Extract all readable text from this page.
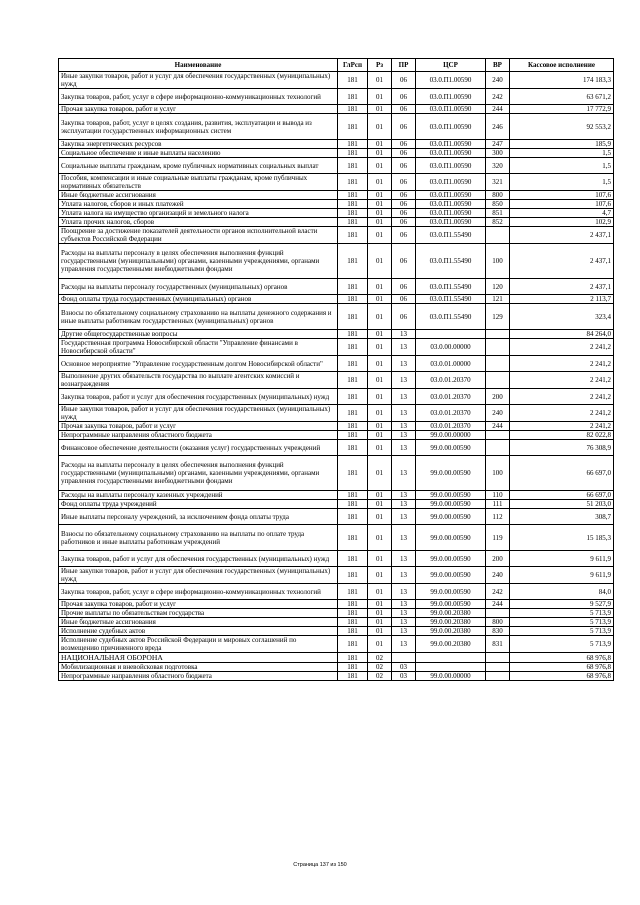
Наименование	ГлРсп	Рз	ПР	ЦСР	ВР	Кассовое исполнение
Иные закупки товаров, работ и услуг для обеспечения государственных (муниципальных) нужд	181	01	06	03.0.П1.00590	240	174 183,3
Закупка товаров, работ, услуг в сфере информационно-коммуникационных технологий	181	01	06	03.0.П1.00590	242	63 671,2
Прочая закупка товаров, работ и услуг	181	01	06	03.0.П1.00590	244	17 772,9
Закупка товаров, работ, услуг в целях создания, развития, эксплуатации и вывода из эксплуатации государственных информационных систем	181	01	06	03.0.П1.00590	246	92 553,2
Закупка энергетических ресурсов	181	01	06	03.0.П1.00590	247	185,9
Социальное обеспечение и иные выплаты населению	181	01	06	03.0.П1.00590	300	1,5
Социальные выплаты гражданам, кроме публичных нормативных социальных выплат	181	01	06	03.0.П1.00590	320	1,5
Пособия, компенсации и иные социальные выплаты гражданам, кроме публичных нормативных обязательств	181	01	06	03.0.П1.00590	321	1,5
Иные бюджетные ассигнования	181	01	06	03.0.П1.00590	800	107,6
Уплата налогов, сборов и иных платежей	181	01	06	03.0.П1.00590	850	107,6
Уплата налога на имущество организаций и земельного налога	181	01	06	03.0.П1.00590	851	4,7
Уплата прочих налогов, сборов	181	01	06	03.0.П1.00590	852	102,9
Поощрение за достижение показателей деятельности органов исполнительной власти субъектов Российской Федерации	181	01	06	03.0.П1.55490		2 437,1
Расходы на выплаты персоналу в целях обеспечения выполнения функций государственными (муниципальными) органами, казенными учреждениями, органами управления государственными внебюджетными фондами	181	01	06	03.0.П1.55490	100	2 437,1
Расходы на выплаты персоналу государственных (муниципальных) органов	181	01	06	03.0.П1.55490	120	2 437,1
Фонд оплаты труда государственных (муниципальных) органов	181	01	06	03.0.П1.55490	121	2 113,7
Взносы по обязательному социальному страхованию на выплаты денежного содержания и иные выплаты работникам государственных (муниципальных) органов	181	01	06	03.0.П1.55490	129	323,4
Другие общегосударственные вопросы	181	01	13			84 264,0
Государственная программа Новосибирской области "Управление финансами в Новосибирской области"	181	01	13	03.0.00.00000		2 241,2
Основное мероприятие "Управление государственным долгом Новосибирской области"	181	01	13	03.0.01.00000		2 241,2
Выполнение других обязательств государства по выплате агентских комиссий и вознаграждения	181	01	13	03.0.01.20370		2 241,2
Закупка товаров, работ и услуг для обеспечения государственных (муниципальных) нужд	181	01	13	03.0.01.20370	200	2 241,2
Иные закупки товаров, работ и услуг для обеспечения государственных (муниципальных) нужд	181	01	13	03.0.01.20370	240	2 241,2
Прочая закупка товаров, работ и услуг	181	01	13	03.0.01.20370	244	2 241,2
Непрограммные направления областного бюджета	181	01	13	99.0.00.00000		82 022,8
Финансовое обеспечение деятельности (оказания услуг) государственных учреждений	181	01	13	99.0.00.00590		76 308,9
Расходы на выплаты персоналу в целях обеспечения выполнения функций государственными (муниципальными) органами, казенными учреждениями, органами управления государственными внебюджетными фондами	181	01	13	99.0.00.00590	100	66 697,0
Расходы на выплаты персоналу казенных учреждений	181	01	13	99.0.00.00590	110	66 697,0
Фонд оплаты труда учреждений	181	01	13	99.0.00.00590	111	51 203,0
Иные выплаты персоналу учреждений, за исключением фонда оплаты труда	181	01	13	99.0.00.00590	112	308,7
Взносы по обязательному социальному страхованию на выплаты по оплате труда работников и иные выплаты работникам учреждений	181	01	13	99.0.00.00590	119	15 185,3
Закупка товаров, работ и услуг для обеспечения государственных (муниципальных) нужд	181	01	13	99.0.00.00590	200	9 611,9
Иные закупки товаров, работ и услуг для обеспечения государственных (муниципальных) нужд	181	01	13	99.0.00.00590	240	9 611,9
Закупка товаров, работ, услуг в сфере информационно-коммуникационных технологий	181	01	13	99.0.00.00590	242	84,0
Прочая закупка товаров, работ и услуг	181	01	13	99.0.00.00590	244	9 527,9
Прочие выплаты по обязательствам государства	181	01	13	99.0.00.20380		5 713,9
Иные бюджетные ассигнования	181	01	13	99.0.00.20380	800	5 713,9
Исполнение судебных актов	181	01	13	99.0.00.20380	830	5 713,9
Исполнение судебных актов Российской Федерации и мировых соглашений по возмещению причиненного вреда	181	01	13	99.0.00.20380	831	5 713,9
НАЦИОНАЛЬНАЯ ОБОРОНА	181	02				68 976,8
Мобилизационная и вневойсковая подготовка	181	02	03			68 976,8
Непрограммные направления областного бюджета	181	02	03	99.0.00.00000		68 976,8
Страница 137 из 150
